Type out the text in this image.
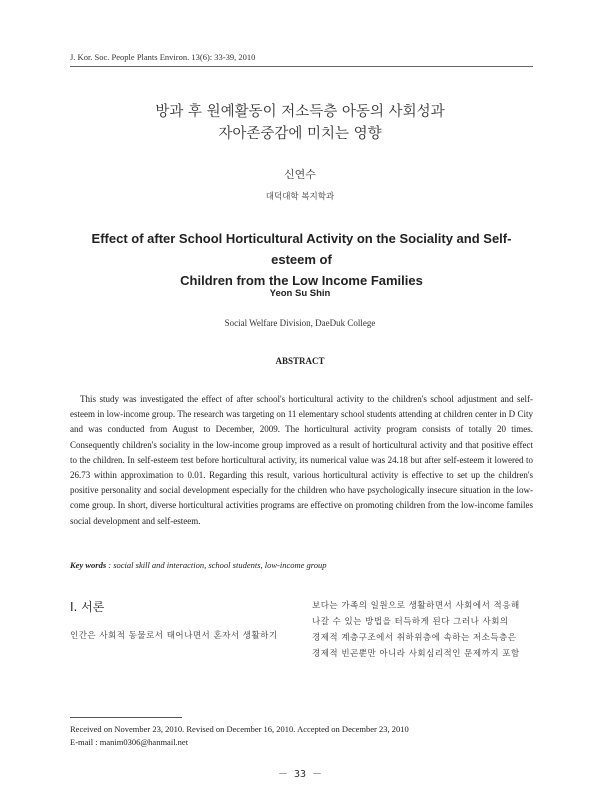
J. Kor. Soc. People Plants Environ. 13(6): 33-39, 2010
방과 후 원예활동이 저소득층 아동의 사회성과
자아존중감에 미치는 영향
신연수
대덕대학 복지학과
Effect of after School Horticultural Activity on the Sociality and Self-esteem of
Children from the Low Income Families
Yeon Su Shin
Social Welfare Division, DaeDuk College
ABSTRACT
This study was investigated the effect of after school's horticultural activity to the children's school adjustment and self-esteem in low-income group. The research was targeting on 11 elementary school students attending at children center in D City and was conducted from August to December, 2009. The horticultural activity program consists of totally 20 times. Consequently children's sociality in the low-income group improved as a result of horticultural activity and that positive effect to the children. In self-esteem test before horticultural activity, its numerical value was 24.18 but after self-esteem it lowered to 26.73 within approximation to 0.01. Regarding this result, various horticultural activity is effective to set up the children's positive personality and social development especially for the children who have psychologically insecure situation in the low-come group. In short, diverse horticultural activities programs are effective on promoting children from the low-income familes social development and self-esteem.
Key words : social skill and interaction, school students, low-income group
Ⅰ. 서론
인간은 사회적 동물로서 태어나면서 혼자서 생활하기
보다는 가족의 일원으로 생활하면서 사회에서 적응해
나갈 수 있는 방법을 터득하게 된다 그러나 사회의
경제적 계층구조에서 취하위층에 속하는 저소득층은
경제적 빈곤뿐만 아니라 사회심리적인 문제까지 포함
Received on November 23, 2010. Revised on December 16, 2010. Accepted on December 23, 2010
E-mail : manim0306@hanmail.net
－ 33 －
